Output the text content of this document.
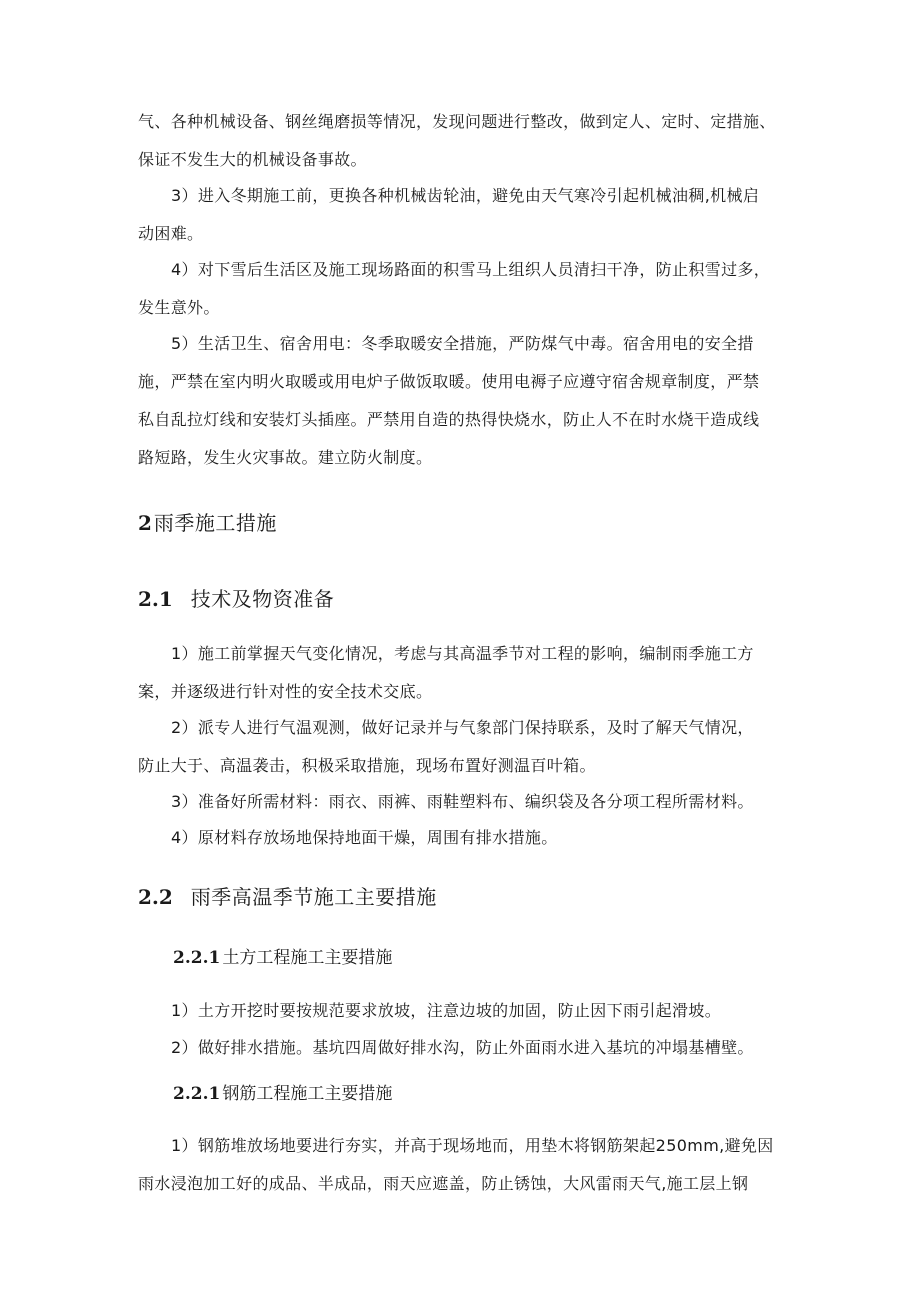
气、各种机械设备、钢丝绳磨损等情况，发现问题进行整改，做到定人、定时、定措施、
保证不发生大的机械设备事故。
3）进入冬期施工前，更换各种机械齿轮油，避免由天气寒冷引起机械油稠,机械启
动困难。
4）对下雪后生活区及施工现场路面的积雪马上组织人员清扫干净，防止积雪过多，
发生意外。
5）生活卫生、宿舍用电：冬季取暖安全措施，严防煤气中毒。宿舍用电的安全措
施，严禁在室内明火取暖或用电炉子做饭取暖。使用电褥子应遵守宿舍规章制度，严禁
私自乱拉灯线和安装灯头插座。严禁用自造的热得快烧水，防止人不在时水烧干造成线
路短路，发生火灾事故。建立防火制度。
2 雨季施工措施
2.1 技术及物资准备
1）施工前掌握天气变化情况，考虑与其高温季节对工程的影响，编制雨季施工方
案，并逐级进行针对性的安全技术交底。
2）派专人进行气温观测，做好记录并与气象部门保持联系，及时了解天气情况，
防止大于、高温袭击，积极采取措施，现场布置好测温百叶箱。
3）准备好所需材料：雨衣、雨裤、雨鞋塑料布、编织袋及各分项工程所需材料。
4）原材料存放场地保持地面干燥，周围有排水措施。
2.2 雨季高温季节施工主要措施
2.2.1 土方工程施工主要措施
1）土方开挖时要按规范要求放坡，注意边坡的加固，防止因下雨引起滑坡。
2）做好排水措施。基坑四周做好排水沟，防止外面雨水进入基坑的冲塌基槽壁。
2.2.1 钢筋工程施工主要措施
1）钢筋堆放场地要进行夯实，并高于现场地而，用垫木将钢筋架起250mm,避免因
雨水浸泡加工好的成品、半成品，雨天应遮盖，防止锈蚀，大风雷雨天气,施工层上钢
